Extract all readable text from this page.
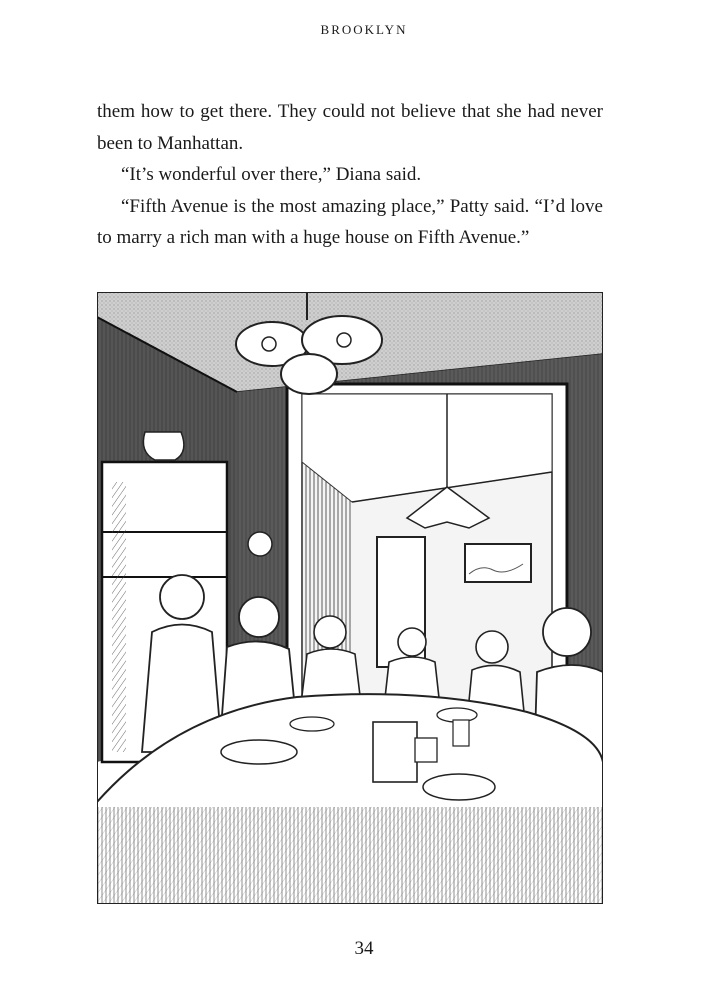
BROOKLYN

them how to get there. They could not believe that she had never been to Manhattan.

“It’s wonderful over there,” Diana said.

“Fifth Avenue is the most amazing place,” Patty said. “I’d love to marry a rich man with a huge house on Fifth Avenue.”

34
